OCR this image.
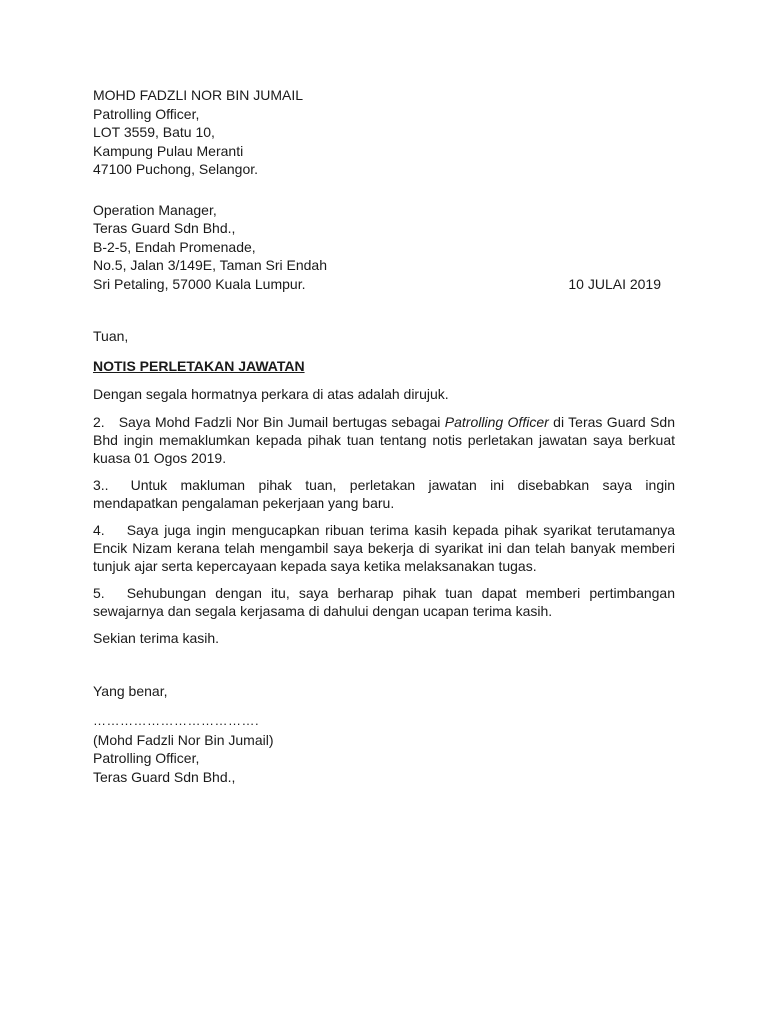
MOHD FADZLI NOR BIN JUMAIL
Patrolling Officer,
LOT 3559, Batu 10,
Kampung Pulau Meranti
47100 Puchong, Selangor.
Operation Manager,
Teras Guard Sdn Bhd.,
B-2-5, Endah Promenade,
No.5, Jalan 3/149E, Taman Sri Endah
Sri Petaling, 57000 Kuala Lumpur.	10 JULAI 2019
Tuan,
NOTIS PERLETAKAN JAWATAN

Dengan segala hormatnya perkara di atas adalah dirujuk.

2. Saya Mohd Fadzli Nor Bin Jumail bertugas sebagai Patrolling Officer di Teras Guard Sdn Bhd ingin memaklumkan kepada pihak tuan tentang notis perletakan jawatan saya berkuat kuasa 01 Ogos 2019.

3.. Untuk makluman pihak tuan, perletakan jawatan ini disebabkan saya ingin mendapatkan pengalaman pekerjaan yang baru.

4. Saya juga ingin mengucapkan ribuan terima kasih kepada pihak syarikat terutamanya Encik Nizam kerana telah mengambil saya bekerja di syarikat ini dan telah banyak memberi tunjuk ajar serta kepercayaan kepada saya ketika melaksanakan tugas.

5. Sehubungan dengan itu, saya berharap pihak tuan dapat memberi pertimbangan sewajarnya dan segala kerjasama di dahului dengan ucapan terima kasih.

Sekian terima kasih.
Yang benar,
……………………………….
(Mohd Fadzli Nor Bin Jumail)
Patrolling Officer,
Teras Guard Sdn Bhd.,
